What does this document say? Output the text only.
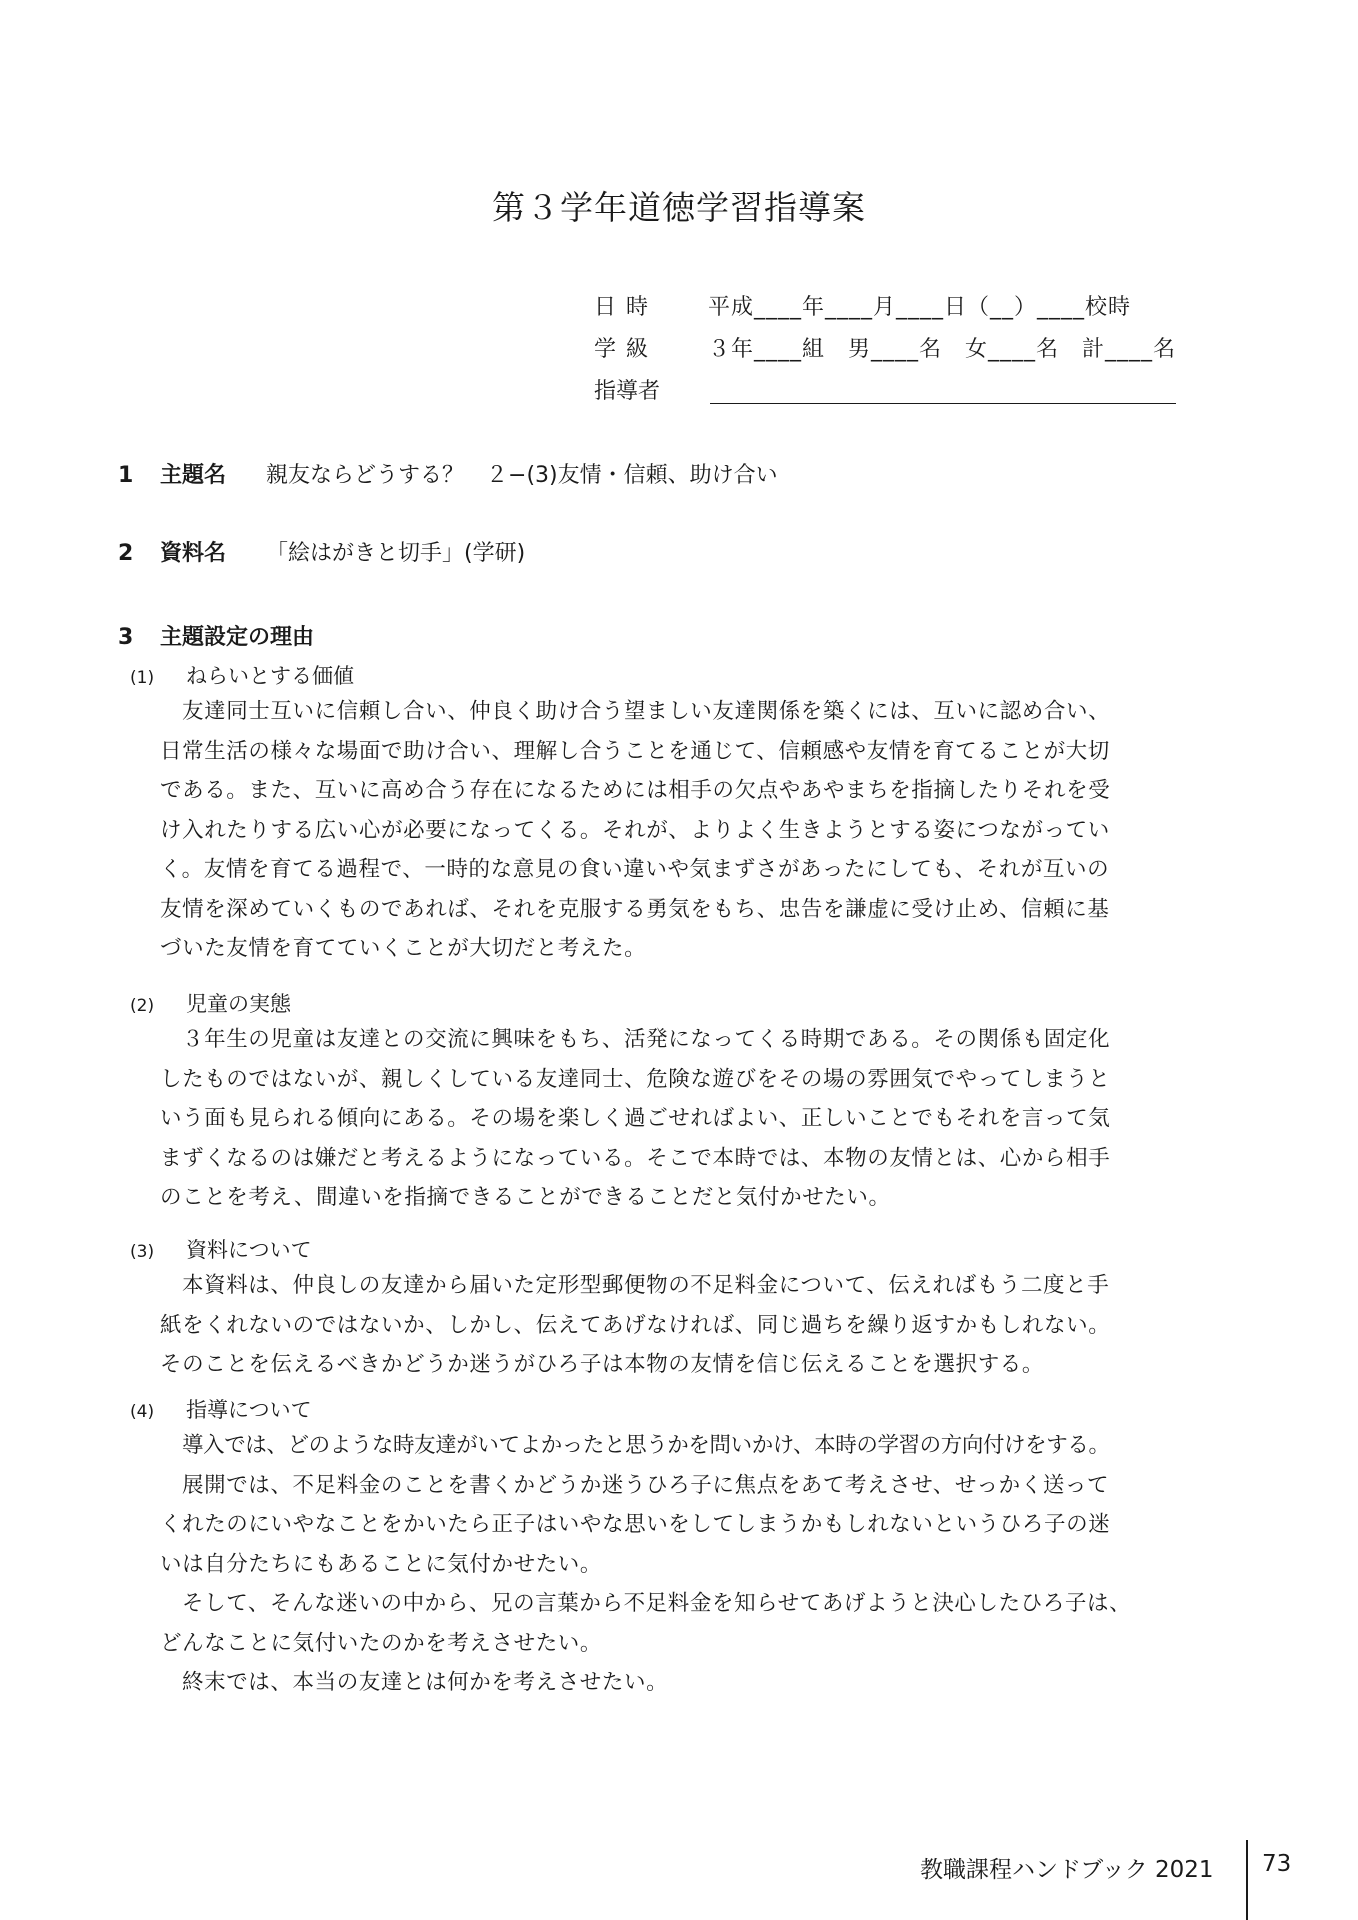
第３学年道徳学習指導案
日時 平成____年____月____日（__）____校時
学級 ３年____組　男____名　女____名　計____名
指導者
1 主題名 親友ならどうする？　２−(3)友情・信頼、助け合い
2 資料名 「絵はがきと切手」(学研)
3 主題設定の理由
(1) ねらいとする価値

友達同士互いに信頼し合い、仲良く助け合う望ましい友達関係を築くには、互いに認め合い、

日常生活の様々な場面で助け合い、理解し合うことを通じて、信頼感や友情を育てることが大切

である。また、互いに高め合う存在になるためには相手の欠点やあやまちを指摘したりそれを受

け入れたりする広い心が必要になってくる。それが、よりよく生きようとする姿につながってい

く。友情を育てる過程で、一時的な意見の食い違いや気まずさがあったにしても、それが互いの

友情を深めていくものであれば、それを克服する勇気をもち、忠告を謙虚に受け止め、信頼に基

づいた友情を育てていくことが大切だと考えた。

(2) 児童の実態

３年生の児童は友達との交流に興味をもち、活発になってくる時期である。その関係も固定化

したものではないが、親しくしている友達同士、危険な遊びをその場の雰囲気でやってしまうと

いう面も見られる傾向にある。その場を楽しく過ごせればよい、正しいことでもそれを言って気

まずくなるのは嫌だと考えるようになっている。そこで本時では、本物の友情とは、心から相手

のことを考え、間違いを指摘できることができることだと気付かせたい。

(3) 資料について

本資料は、仲良しの友達から届いた定形型郵便物の不足料金について、伝えればもう二度と手

紙をくれないのではないか、しかし、伝えてあげなければ、同じ過ちを繰り返すかもしれない。

そのことを伝えるべきかどうか迷うがひろ子は本物の友情を信じ伝えることを選択する。

(4) 指導について

導入では、どのような時友達がいてよかったと思うかを問いかけ、本時の学習の方向付けをする。

展開では、不足料金のことを書くかどうか迷うひろ子に焦点をあて考えさせ、せっかく送って

くれたのにいやなことをかいたら正子はいやな思いをしてしまうかもしれないというひろ子の迷

いは自分たちにもあることに気付かせたい。

そして、そんな迷いの中から、兄の言葉から不足料金を知らせてあげようと決心したひろ子は、

どんなことに気付いたのかを考えさせたい。

終末では、本当の友達とは何かを考えさせたい。

教職課程ハンドブック 2021 73
